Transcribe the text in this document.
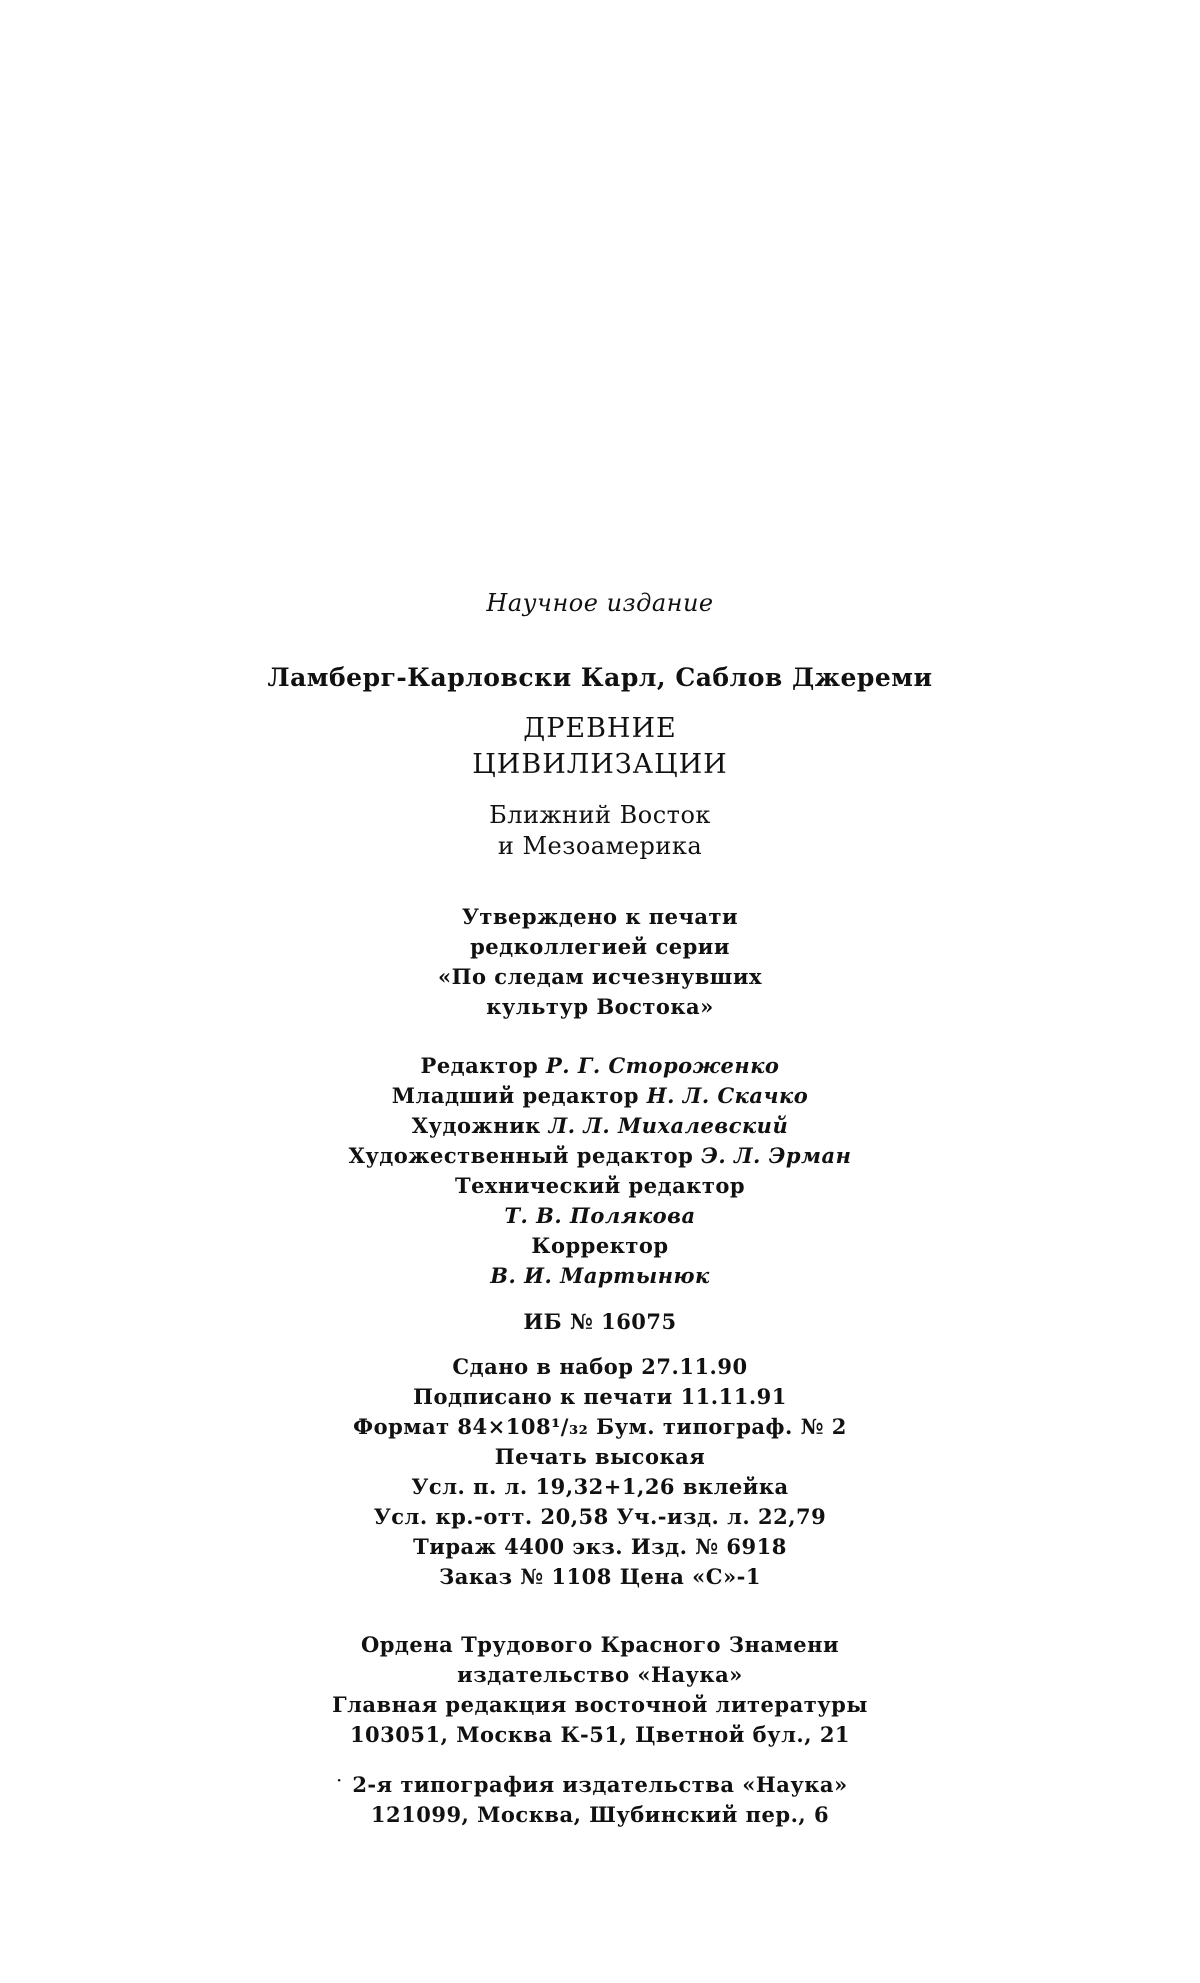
Научное издание
Ламберг-Карловски Карл, Саблов Джереми
ДРЕВНИЕ
ЦИВИЛИЗАЦИИ
Ближний Восток
и Мезоамерика
Утверждено к печати
редколлегией серии
«По следам исчезнувших
культур Востока»
Редактор Р. Г. Стороженко
Младший редактор Н. Л. Скачко
Художник Л. Л. Михалевский
Художественный редактор Э. Л. Эрман
Технический редактор
Т. В. Полякова
Корректор
В. И. Мартынюк
ИБ № 16075
Сдано в набор 27.11.90
Подписано к печати 11.11.91
Формат 84×108¹/₃₂ Бум. типограф. № 2
Печать высокая
Усл. п. л. 19,32+1,26 вклейка
Усл. кр.-отт. 20,58 Уч.-изд. л. 22,79
Тираж 4400 экз. Изд. № 6918
Заказ № 1108 Цена «С»-1
Ордена Трудового Красного Знамени
издательство «Наука»
Главная редакция восточной литературы
103051, Москва К-51, Цветной бул., 21
· 2-я типография издательства «Наука»
121099, Москва, Шубинский пер., 6
